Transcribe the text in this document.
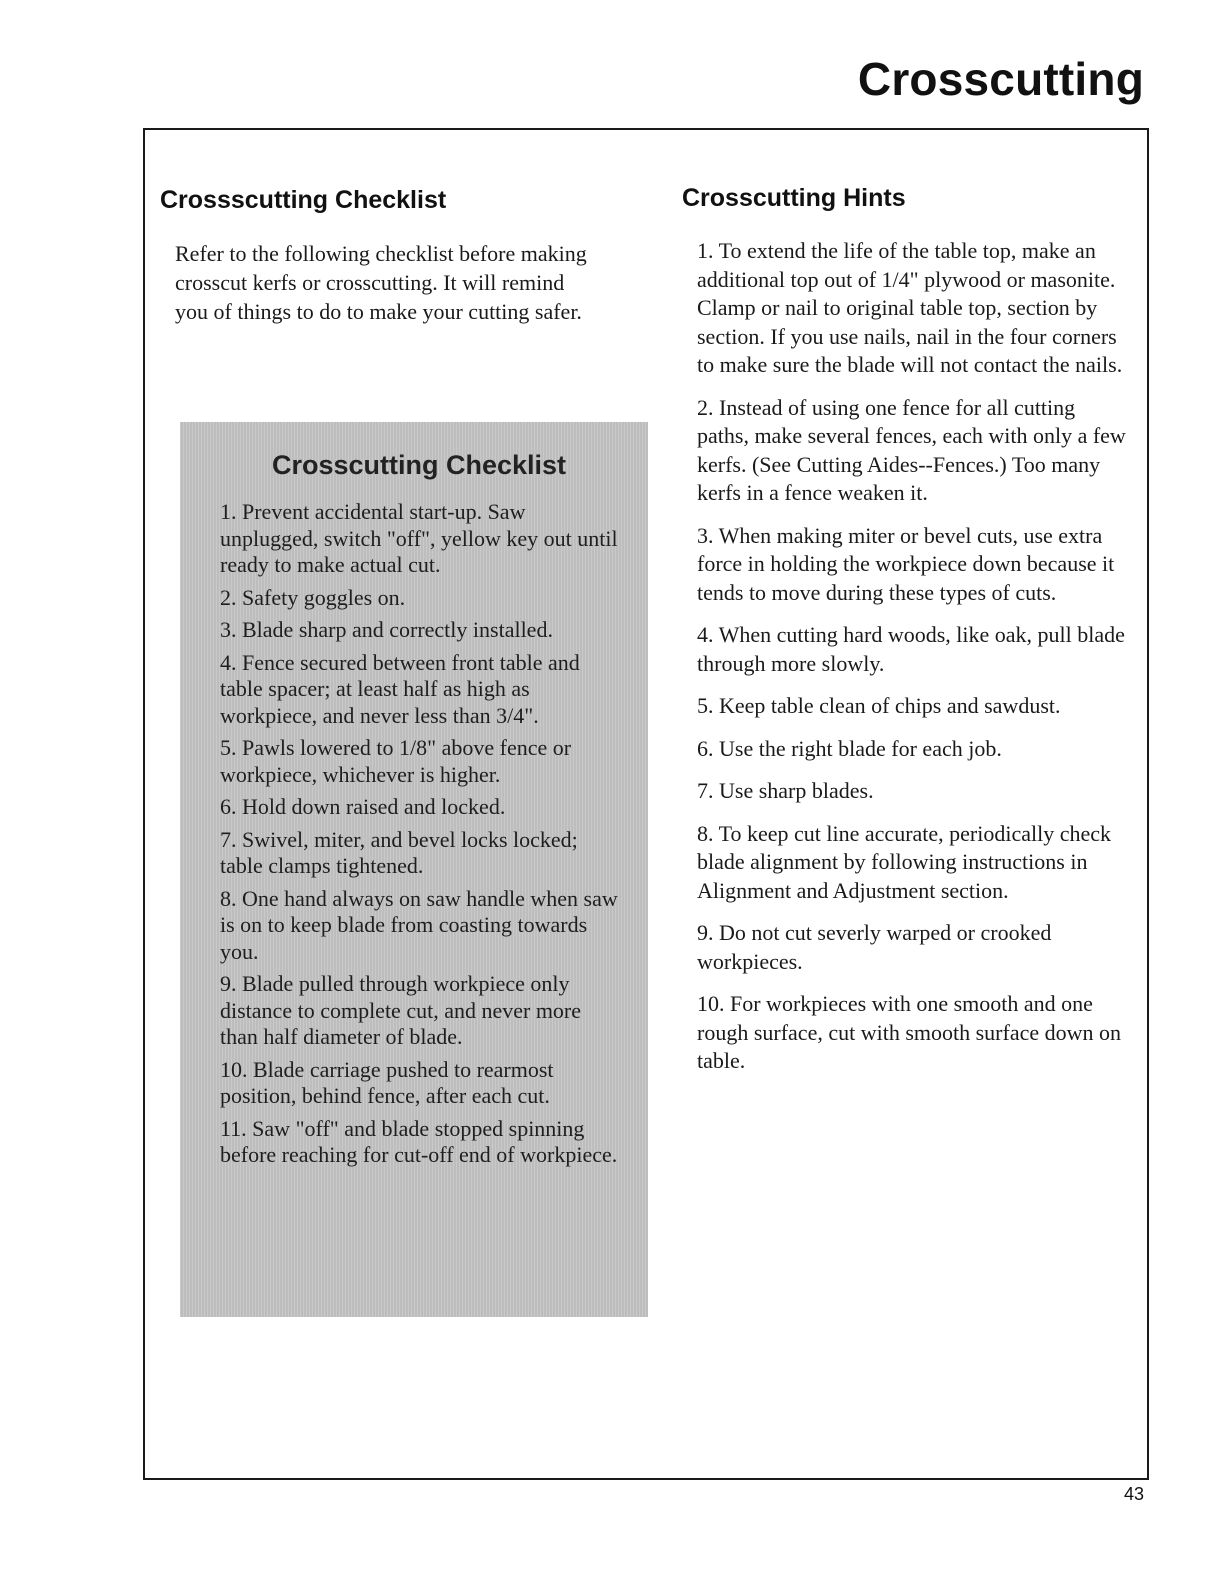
Crosscutting
Crossscutting Checklist

Refer to the following checklist before making crosscut kerfs or crosscutting. It will remind you of things to do to make your cutting safer.

Crosscutting Checklist
1. Prevent accidental start-up. Saw unplugged, switch "off", yellow key out until ready to make actual cut.
2. Safety goggles on.
3. Blade sharp and correctly installed.
4. Fence secured between front table and table spacer; at least half as high as workpiece, and never less than 3/4".
5. Pawls lowered to 1/8" above fence or workpiece, whichever is higher.
6. Hold down raised and locked.
7. Swivel, miter, and bevel locks locked; table clamps tightened.
8. One hand always on saw handle when saw is on to keep blade from coasting towards you.
9. Blade pulled through workpiece only distance to complete cut, and never more than half diameter of blade.
10. Blade carriage pushed to rearmost position, behind fence, after each cut.
11. Saw "off" and blade stopped spinning before reaching for cut-off end of workpiece.
Crosscutting Hints
1. To extend the life of the table top, make an additional top out of 1/4" plywood or masonite. Clamp or nail to original table top, section by section. If you use nails, nail in the four corners to make sure the blade will not contact the nails.
2. Instead of using one fence for all cutting paths, make several fences, each with only a few kerfs. (See Cutting Aides--Fences.) Too many kerfs in a fence weaken it.
3. When making miter or bevel cuts, use extra force in holding the workpiece down because it tends to move during these types of cuts.
4. When cutting hard woods, like oak, pull blade through more slowly.
5. Keep table clean of chips and sawdust.
6. Use the right blade for each job.
7. Use sharp blades.
8. To keep cut line accurate, periodically check blade alignment by following instructions in Alignment and Adjustment section.
9. Do not cut severly warped or crooked workpieces.
10. For workpieces with one smooth and one rough surface, cut with smooth surface down on table.
43
